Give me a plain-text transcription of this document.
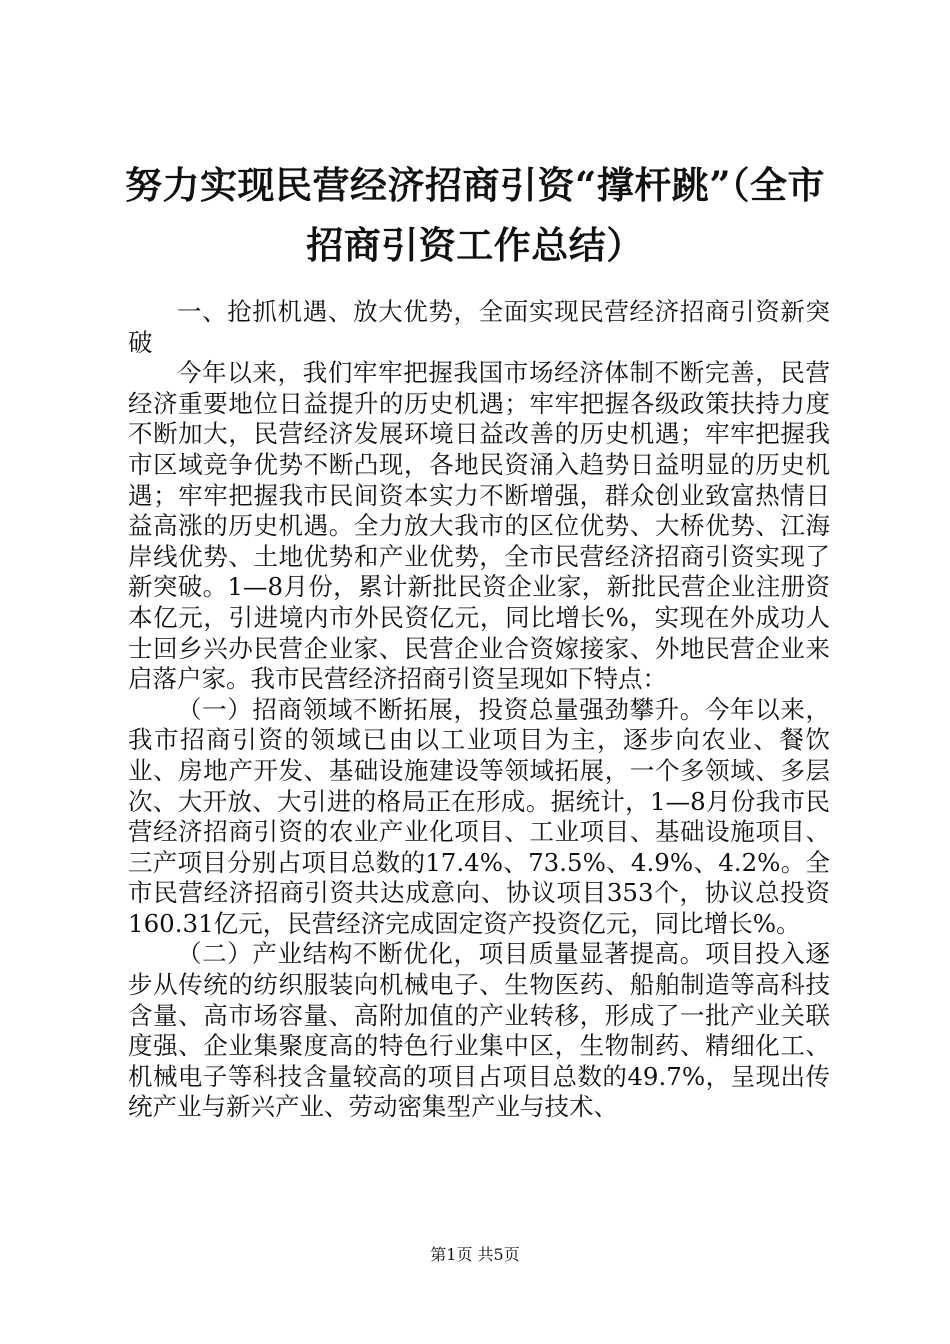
努力实现民营经济招商引资“撑杆跳”（全市招商引资工作总结）

一、抢抓机遇、放大优势，全面实现民营经济招商引资新突破

今年以来，我们牢牢把握我国市场经济体制不断完善，民营经济重要地位日益提升的历史机遇；牢牢把握各级政策扶持力度不断加大，民营经济发展环境日益改善的历史机遇；牢牢把握我市区域竞争优势不断凸现，各地民资涌入趋势日益明显的历史机遇；牢牢把握我市民间资本实力不断增强，群众创业致富热情日益高涨的历史机遇。全力放大我市的区位优势、大桥优势、江海岸线优势、土地优势和产业优势，全市民营经济招商引资实现了新突破。1—8月份，累计新批民资企业家，新批民营企业注册资本亿元，引进境内市外民资亿元，同比增长%，实现在外成功人士回乡兴办民营企业家、民营企业合资嫁接家、外地民营企业来启落户家。我市民营经济招商引资呈现如下特点：

（一）招商领域不断拓展，投资总量强劲攀升。今年以来，我市招商引资的领域已由以工业项目为主，逐步向农业、餐饮业、房地产开发、基础设施建设等领域拓展，一个多领域、多层次、大开放、大引进的格局正在形成。据统计，1—8月份我市民营经济招商引资的农业产业化项目、工业项目、基础设施项目、三产项目分别占项目总数的17.4%、73.5%、4.9%、4.2%。全市民营经济招商引资共达成意向、协议项目353个，协议总投资160.31亿元，民营经济完成固定资产投资亿元，同比增长%。

（二）产业结构不断优化，项目质量显著提高。项目投入逐步从传统的纺织服装向机械电子、生物医药、船舶制造等高科技含量、高市场容量、高附加值的产业转移，形成了一批产业关联度强、企业集聚度高的特色行业集中区，生物制药、精细化工、机械电子等科技含量较高的项目占项目总数的49.7%，呈现出传统产业与新兴产业、劳动密集型产业与技术、

第1页 共5页
